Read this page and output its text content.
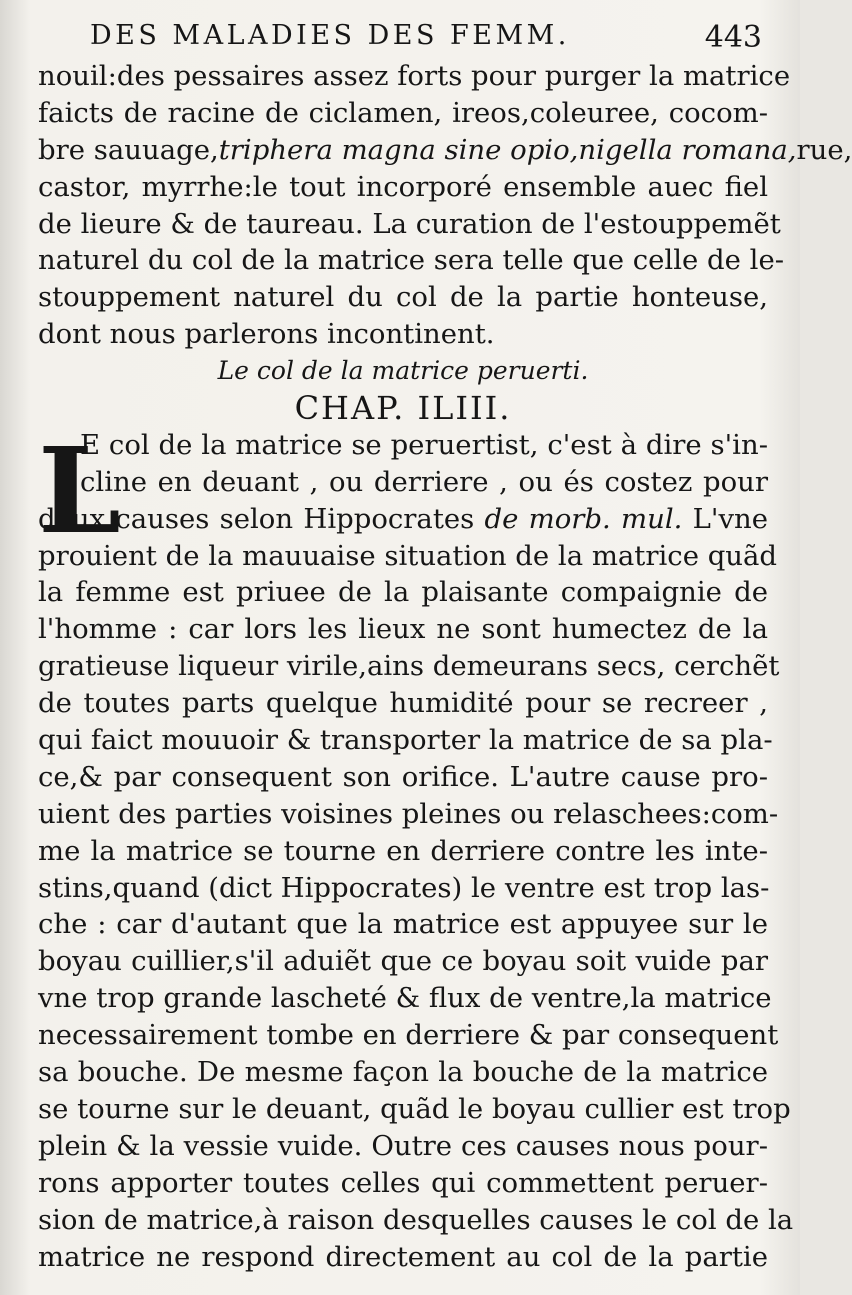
DES MALADIES DES FEMM.	443
nouil:des pessaires assez forts pour purger la matrice
faicts de racine de ciclamen, ireos,coleuree, cocom-
bre sauuage,triphera magna sine opio,nigella romana,rue,
castor, myrrhe:le tout incorporé ensemble auec fiel
de lieure & de taureau. La curation de l'estouppemẽt
naturel du col de la matrice sera telle que celle de le-
stouppement naturel du col de la partie honteuse,
dont nous parlerons incontinent.
Le col de la matrice peruerti.
CHAP. ILIII.
L
E col de la matrice se peruertist, c'est à dire s'in-
cline en deuant , ou derriere , ou és costez pour
deux causes selon Hippocrates de morb. mul. L'vne
prouient de la mauuaise situation de la matrice quãd
la femme est priuee de la plaisante compaignie de
l'homme : car lors les lieux ne sont humectez de la
gratieuse liqueur virile,ains demeurans secs, cerchẽt
de toutes parts quelque humidité pour se recreer ,
qui faict mouuoir & transporter la matrice de sa pla-
ce,& par consequent son orifice. L'autre cause pro-
uient des parties voisines pleines ou relaschees:com-
me la matrice se tourne en derriere contre les inte-
stins,quand (dict Hippocrates) le ventre est trop las-
che : car d'autant que la matrice est appuyee sur le
boyau cuillier,s'il aduiẽt que ce boyau soit vuide par
vne trop grande lascheté & flux de ventre,la matrice
necessairement tombe en derriere & par consequent
sa bouche. De mesme façon la bouche de la matrice
se tourne sur le deuant, quãd le boyau cullier est trop
plein & la vessie vuide. Outre ces causes nous pour-
rons apporter toutes celles qui commettent peruer-
sion de matrice,à raison desquelles causes le col de la
matrice ne respond directement au col de la partie
